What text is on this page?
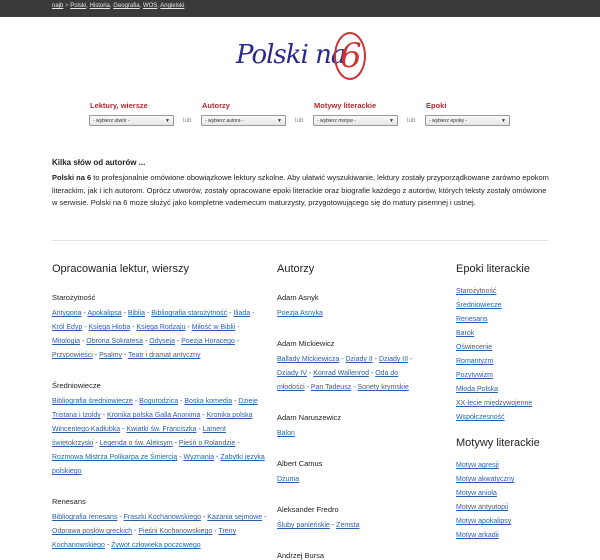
najb > Polski, Historia, Geografia, WOS, Angielski.
Polski na
6
Lektury, wiersze
- wybierz utwór -	▼ lub
Autorzy
- wybierz autora -	▼ lub
Motywy literackie
- wybierz motyw -	▼ lub
Epoki
- wybierz epokę -	▼
Kilka słów od autorów ...
Polski na 6 to profesjonalnie omówione obowiązkowe lektury szkolne. Aby ułatwić wyszukiwanie, lektury zostały przyporządkowane zarówno epokom literackim, jak i ich autorom. Oprócz utworów, zostały opracowane epoki literackie oraz biografie każdego z autorów, których teksty zostały omówione w serwisie. Polski na 6 może służyć jako kompletne vademecum maturzysty, przygotowującego się do matury pisemnej i ustnej.
Opracowania lektur, wierszy
Starożytność
Antygona - Apokalipsa - Biblia - Bibliografia starożytność - Iliada - Król Edyp - Księga Hioba - Księga Rodzaju - Miłość w Biblii - Mitologia - Obrona Sokratesa - Odyseja - Poezja Horacego - Przypowieści - Psalmy - Teatr i dramat antyczny
Średniowiecze
Bibliografia średniowiecze - Bogurodzica - Boska komedia - Dzieje Tristana i Izoldy - Kronika polska Galla Anonima - Kronika polska Wincentego Kadłubka - Kwiatki św. Franciszka - Lament świętokrzyski - Legenda o św. Aleksym - Pieśń o Rolandzie - Rozmowa Mistrza Polikarpa ze Śmiercią - Wyznania - Zabytki języka polskiego
Renesans
Bibliografia renesans - Fraszki Kochanowskiego - Kazania sejmowe - Odprawa posłów greckich - Pieśni Kochanowskiego - Treny Kochanowskiego - Żywot człowieka poczciwego
Autorzy
Adam Asnyk
Poezja Asnyka
Adam Mickiewicz
Ballady Mickiewicza - Dziady II - Dziady III - Dziady IV - Konrad Wallenrod - Oda do młodości - Pan Tadeusz - Sonety krymskie
Adam Naruszewicz
Balon
Albert Camus
Dżuma
Aleksander Fredro
Śluby panieńskie - Zemsta
Andrzej Bursa
Epoki literackie
Starożytność
Średniowiecze
Renesans
Barok
Oświecenie
Romantyzm
Pozytywizm
Młoda Polska
XX-lecie międzywojenne
Współczesność
Motywy literackie
Motyw agresji
Motyw akwatyczny
Motyw anioła
Motyw antyutopii
Motyw apokalipsy
Motyw arkadii
